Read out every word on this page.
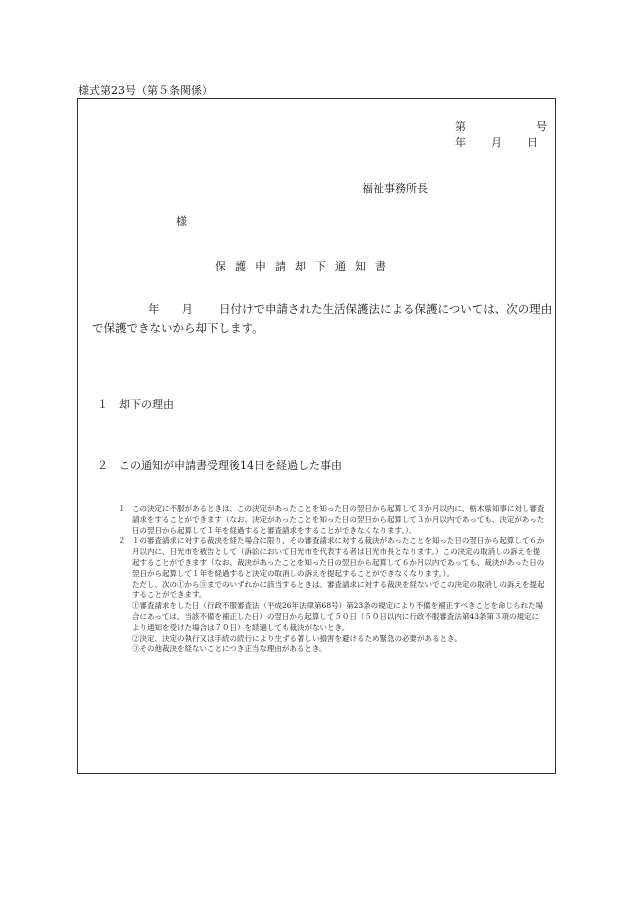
様式第23号（第５条関係）
第	号
年 月 日
福祉事務所長
様
保護申請却下通知書
年 月 日付けで申請された生活保護法による保護については、次の理由で保護できないから却下します。
１ 却下の理由
２ この通知が申請書受理後14日を経過した事由
１ この決定に不服があるときは、この決定があったことを知った日の翌日から起算して３か月以内に、栃木県知事に対し審査請求をすることができます（なお、決定があったことを知った日の翌日から起算して３か月以内であっても、決定があった日の翌日から起算して１年を経過すると審査請求をすることができなくなります。）。

２ １の審査請求に対する裁決を経た場合に限り、その審査請求に対する裁決があったことを知った日の翌日から起算して６か月以内に、日光市を被告として（訴訟において日光市を代表する者は日光市長となります。）この決定の取消しの訴えを提起することができます（なお、裁決があったことを知った日の翌日から起算して６か月以内であっても、裁決があった日の翌日から起算して１年を経過すると決定の取消しの訴えを提起することができなくなります。）。

ただし、次の①から③までのいずれかに該当するときは、審査請求に対する裁決を経ないでこの決定の取消しの訴えを提起することができます。

①審査請求をした日（行政不服審査法（平成26年法律第68号）第23条の規定により不備を補正すべきことを命じられた場合にあっては、当該不備を補正した日）の翌日から起算して５０日（５０日以内に行政不服審査法第43条第３項の規定により通知を受けた場合は７０日）を経過しても裁決がないとき。

②決定、決定の執行又は手続の続行により生ずる著しい損害を避けるため緊急の必要があるとき。

③その他裁決を経ないことにつき正当な理由があるとき。
